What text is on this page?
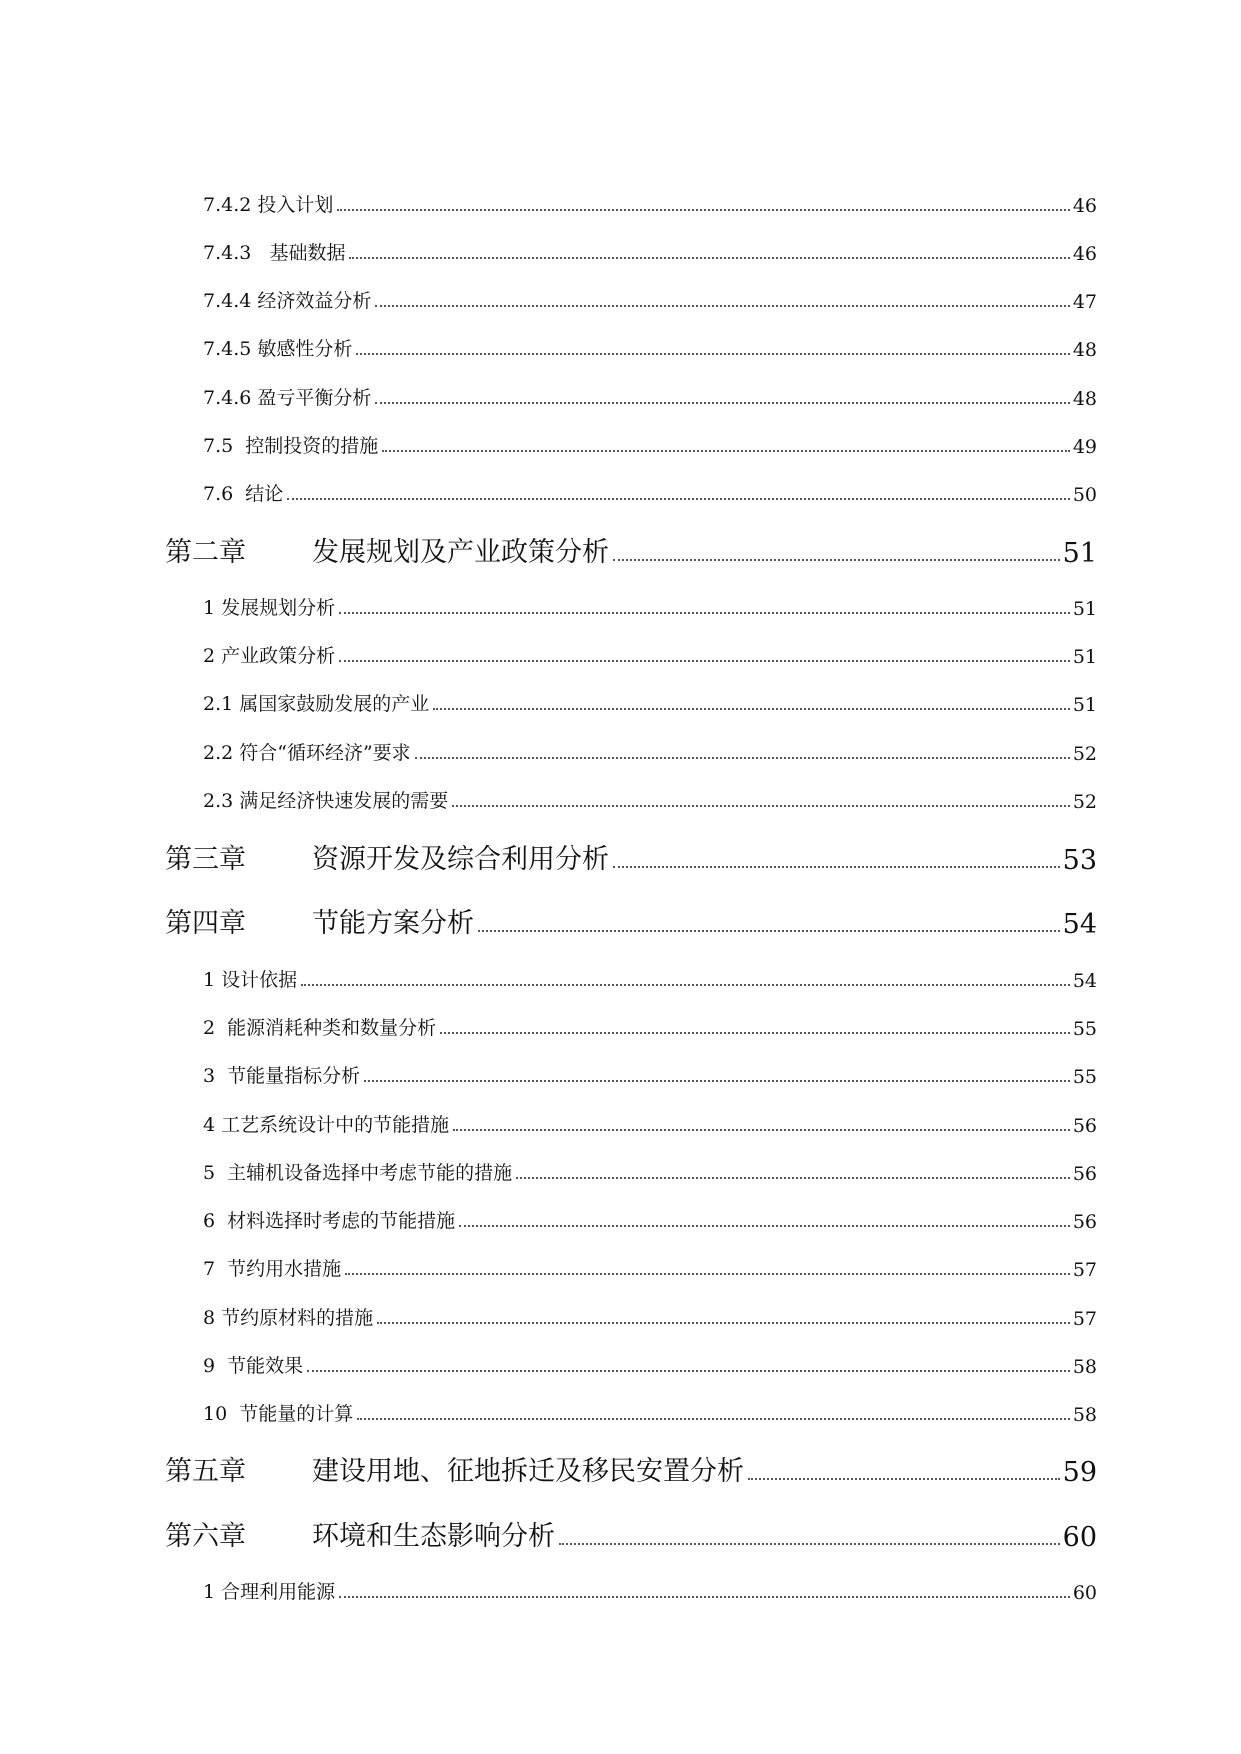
7.4.2 投入计划	46
7.4.3   基础数据	46
7.4.4 经济效益分析	47
7.4.5 敏感性分析	48
7.4.6 盈亏平衡分析	48
7.5  控制投资的措施	49
7.6  结论	50
第二章	发展规划及产业政策分析	51
1 发展规划分析	51
2 产业政策分析	51
2.1 属国家鼓励发展的产业	51
2.2 符合“循环经济”要求	52
2.3 满足经济快速发展的需要	52
第三章	资源开发及综合利用分析	53
第四章	节能方案分析	54
1 设计依据	54
2  能源消耗种类和数量分析	55
3  节能量指标分析	55
4 工艺系统设计中的节能措施	56
5  主辅机设备选择中考虑节能的措施	56
6  材料选择时考虑的节能措施	56
7  节约用水措施	57
8 节约原材料的措施	57
9  节能效果	58
10  节能量的计算	58
第五章	建设用地、征地拆迁及移民安置分析	59
第六章	环境和生态影响分析	60
1 合理利用能源	60
